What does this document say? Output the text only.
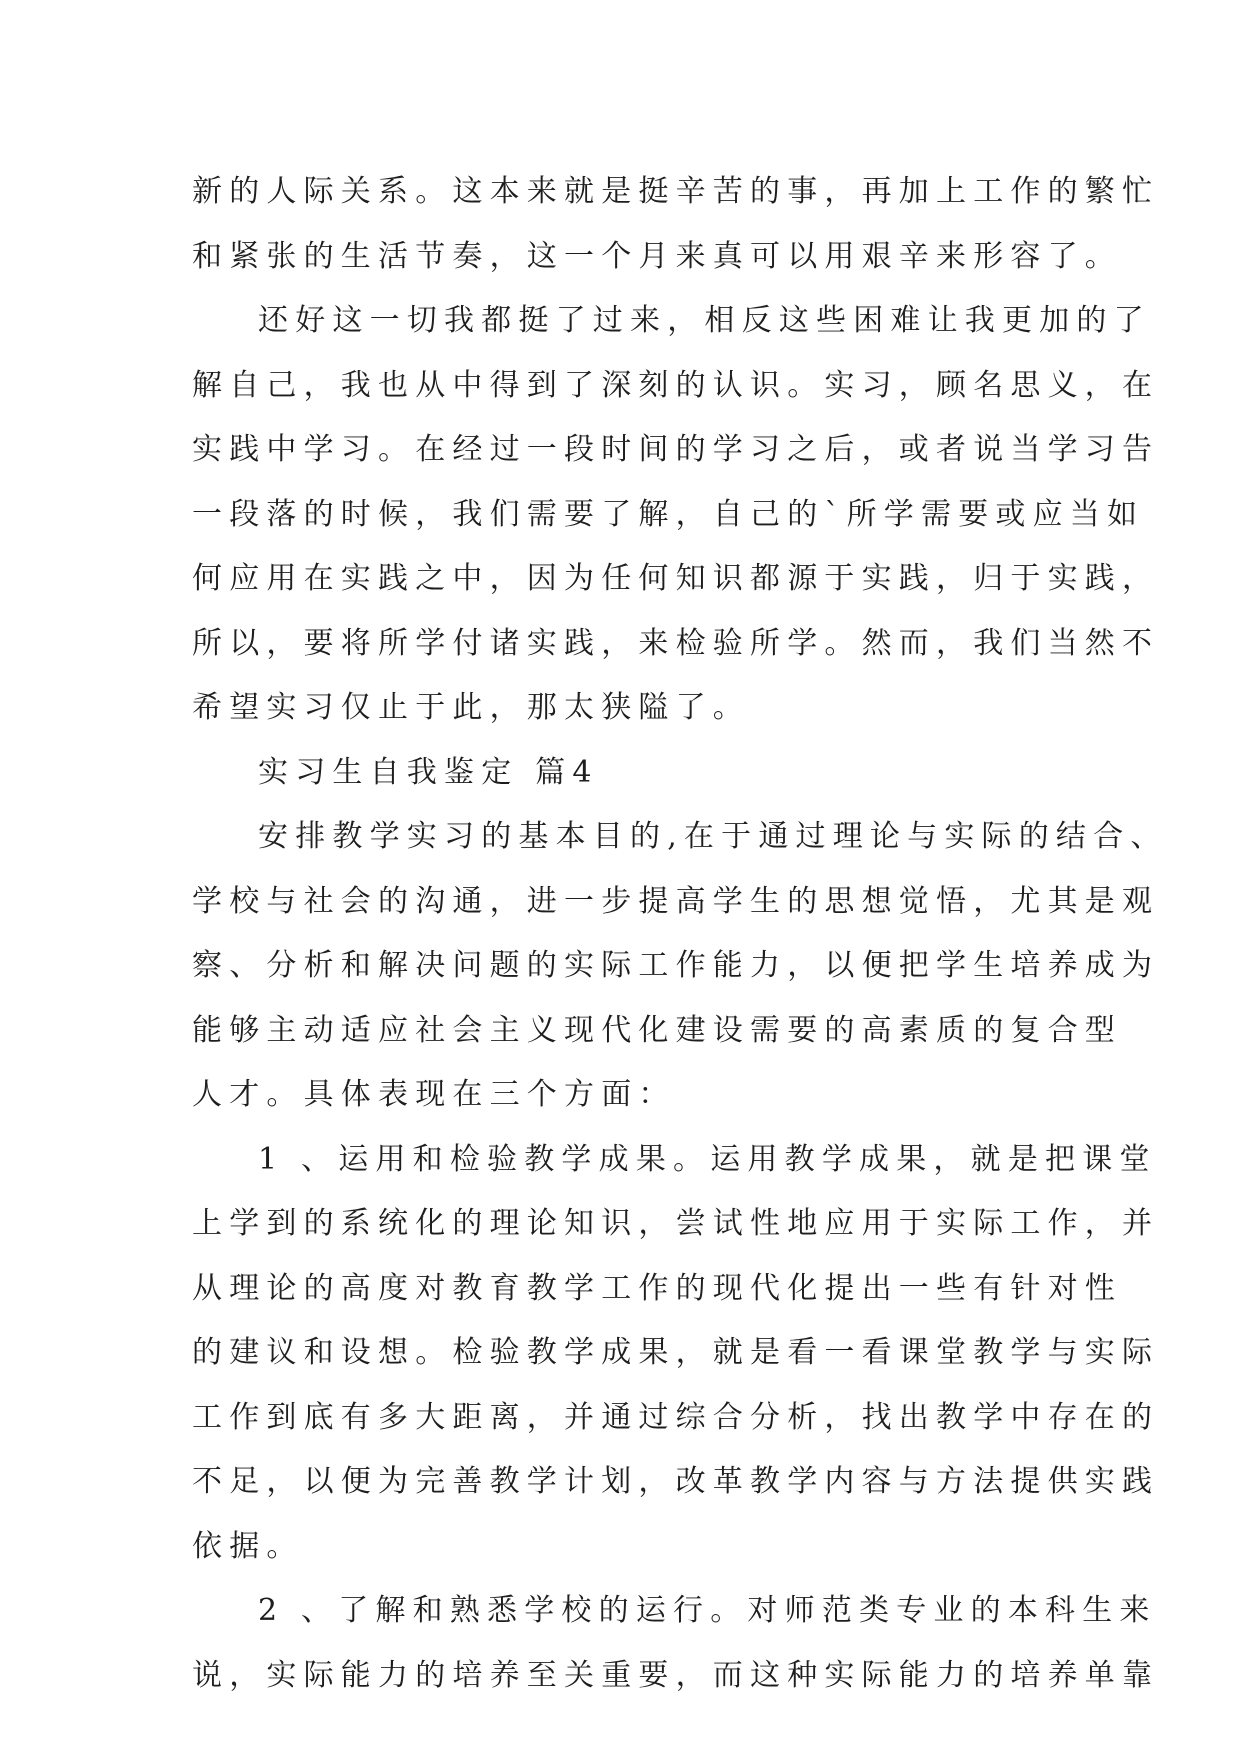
新的人际关系。这本来就是挺辛苦的事，再加上工作的繁忙
和紧张的生活节奏，这一个月来真可以用艰辛来形容了。
还好这一切我都挺了过来，相反这些困难让我更加的了
解自己，我也从中得到了深刻的认识。实习，顾名思义，在
实践中学习。在经过一段时间的学习之后，或者说当学习告
一段落的时候，我们需要了解，自己的`所学需要或应当如
何应用在实践之中，因为任何知识都源于实践，归于实践，
所以，要将所学付诸实践，来检验所学。然而，我们当然不
希望实习仅止于此，那太狭隘了。
实习生自我鉴定 篇4
安排教学实习的基本目的,在于通过理论与实际的结合、
学校与社会的沟通，进一步提高学生的思想觉悟，尤其是观
察、分析和解决问题的实际工作能力，以便把学生培养成为
能够主动适应社会主义现代化建设需要的高素质的复合型
人才。具体表现在三个方面：
1 、运用和检验教学成果。运用教学成果，就是把课堂
上学到的系统化的理论知识，尝试性地应用于实际工作，并
从理论的高度对教育教学工作的现代化提出一些有针对性
的建议和设想。检验教学成果，就是看一看课堂教学与实际
工作到底有多大距离，并通过综合分析，找出教学中存在的
不足，以便为完善教学计划，改革教学内容与方法提供实践
依据。
2 、了解和熟悉学校的运行。对师范类专业的本科生来
说，实际能力的培养至关重要，而这种实际能力的培养单靠
